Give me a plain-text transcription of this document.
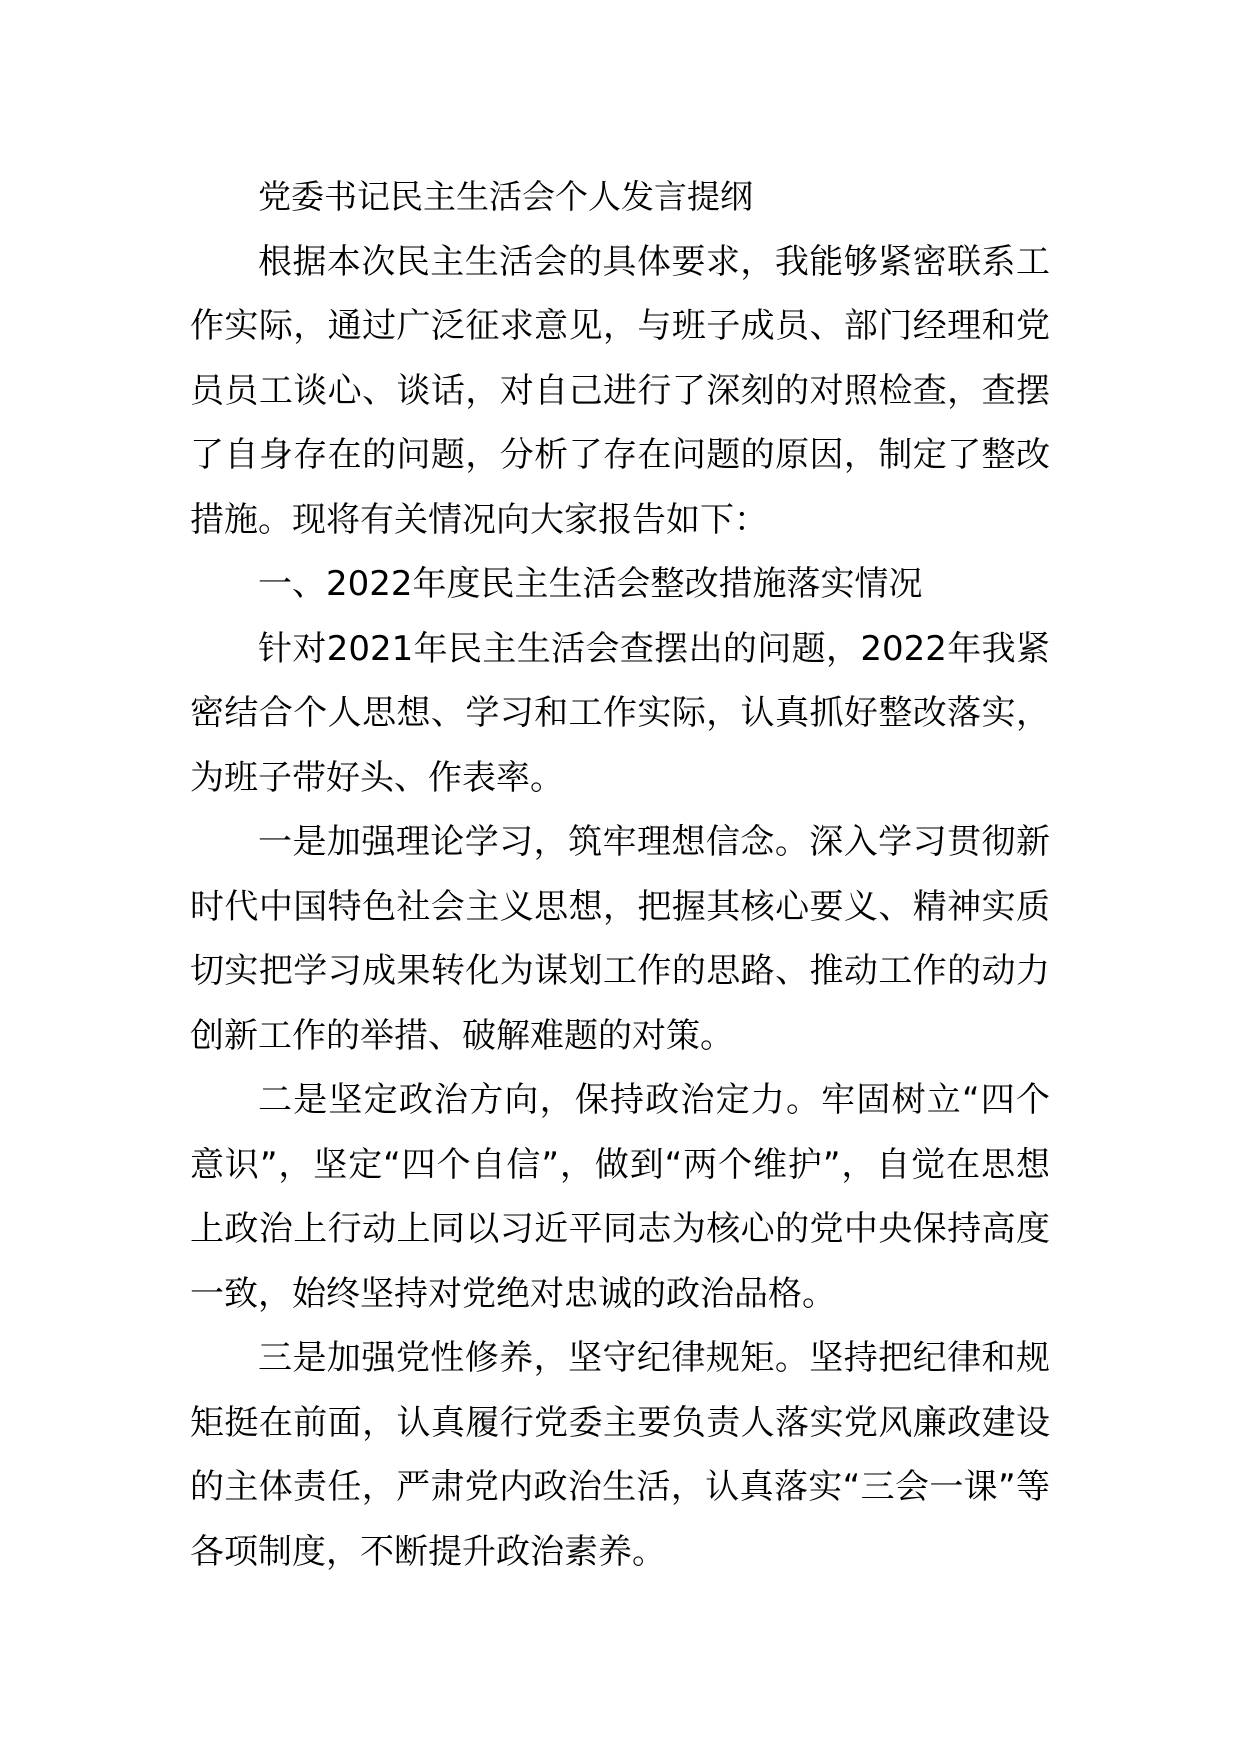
党委书记民主生活会个人发言提纲

根据本次民主生活会的具体要求，我能够紧密联系工作实际，通过广泛征求意见，与班子成员、部门经理和党员员工谈心、谈话，对自己进行了深刻的对照检查，查摆了自身存在的问题，分析了存在问题的原因，制定了整改措施。现将有关情况向大家报告如下：

一、2022年度民主生活会整改措施落实情况

针对2021年民主生活会查摆出的问题，2022年我紧密结合个人思想、学习和工作实际，认真抓好整改落实，为班子带好头、作表率。

一是加强理论学习，筑牢理想信念。深入学习贯彻新时代中国特色社会主义思想，把握其核心要义、精神实质切实把学习成果转化为谋划工作的思路、推动工作的动力创新工作的举措、破解难题的对策。

二是坚定政治方向，保持政治定力。牢固树立“四个意识”，坚定“四个自信”，做到“两个维护”，自觉在思想上政治上行动上同以习近平同志为核心的党中央保持高度一致，始终坚持对党绝对忠诚的政治品格。

三是加强党性修养，坚守纪律规矩。坚持把纪律和规矩挺在前面，认真履行党委主要负责人落实党风廉政建设的主体责任，严肃党内政治生活，认真落实“三会一课”等各项制度，不断提升政治素养。
